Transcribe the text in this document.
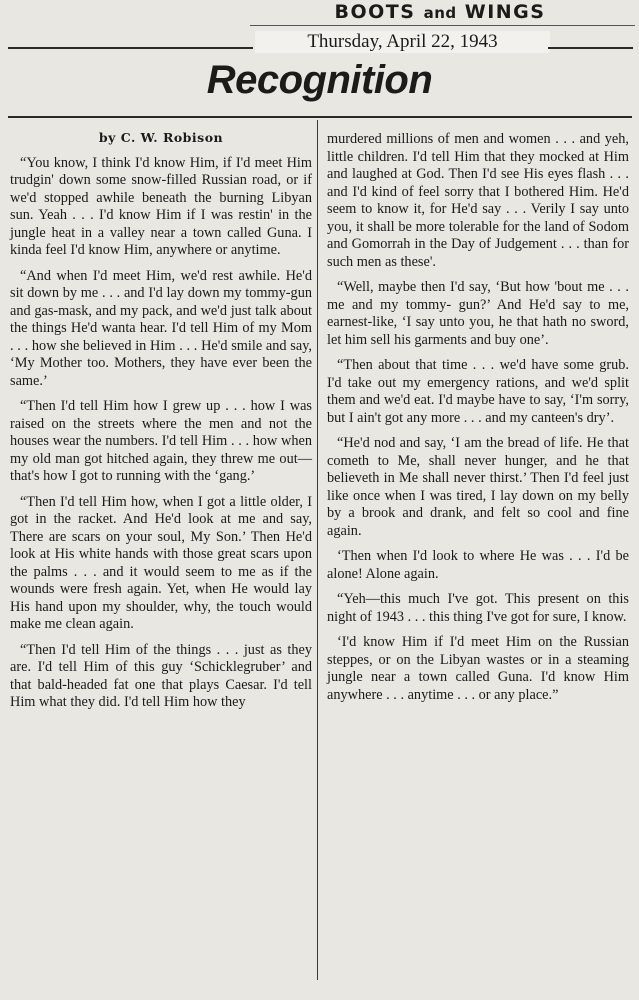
BOOTS and WINGS
Thursday, April 22, 1943
Recognition
by C. W. Robison

“You know, I think I'd know Him, if I'd meet Him trudgin' down some snow-filled Russian road, or if we'd stopped awhile beneath the burning Libyan sun. Yeah . . . I'd know Him if I was restin' in the jungle heat in a valley near a town called Guna. I kinda feel I'd know Him, anywhere or anytime.

“And when I'd meet Him, we'd rest awhile. He'd sit down by me . . . and I'd lay down my tommy-gun and gas-mask, and my pack, and we'd just talk about the things He'd wanta hear. I'd tell Him of my Mom . . . how she believed in Him . . . He'd smile and say, ‘My Mother too. Mothers, they have ever been the same.’

“Then I'd tell Him how I grew up . . . how I was raised on the streets where the men and not the houses wear the numbers. I'd tell Him . . . how when my old man got hitched again, they threw me out—that's how I got to running with the ‘gang.’

“Then I'd tell Him how, when I got a little older, I got in the racket. And He'd look at me and say, There are scars on your soul, My Son.’ Then He'd look at His white hands with those great scars upon the palms . . . and it would seem to me as if the wounds were fresh again. Yet, when He would lay His hand upon my shoulder, why, the touch would make me clean again.

“Then I'd tell Him of the things . . . just as they are. I'd tell Him of this guy ‘Schicklegruber’ and that bald-headed fat one that plays Caesar. I'd tell Him what they did. I'd tell Him how they

murdered millions of men and women . . . and yeh, little children. I'd tell Him that they mocked at Him and laughed at God. Then I'd see His eyes flash . . . and I'd kind of feel sorry that I bothered Him. He'd seem to know it, for He'd say . . . Verily I say unto you, it shall be more tolerable for the land of Sodom and Gomorrah in the Day of Judgement . . . than for such men as these'.

“Well, maybe then I'd say, ‘But how 'bout me . . . me and my tommy- gun?’ And He'd say to me, earnest-like, ‘I say unto you, he that hath no sword, let him sell his garments and buy one’.

“Then about that time . . . we'd have some grub. I'd take out my emergency rations, and we'd split them and we'd eat. I'd maybe have to say, ‘I'm sorry, but I ain't got any more . . . and my canteen's dry’.

“He'd nod and say, ‘I am the bread of life. He that cometh to Me, shall never hunger, and he that believeth in Me shall never thirst.’ Then I'd feel just like once when I was tired, I lay down on my belly by a brook and drank, and felt so cool and fine again.

‘Then when I'd look to where He was . . . I'd be alone! Alone again.

“Yeh—this much I've got. This present on this night of 1943 . . . this thing I've got for sure, I know.

‘I'd know Him if I'd meet Him on the Russian steppes, or on the Libyan wastes or in a steaming jungle near a town called Guna. I'd know Him anywhere . . . anytime . . . or any place.”
